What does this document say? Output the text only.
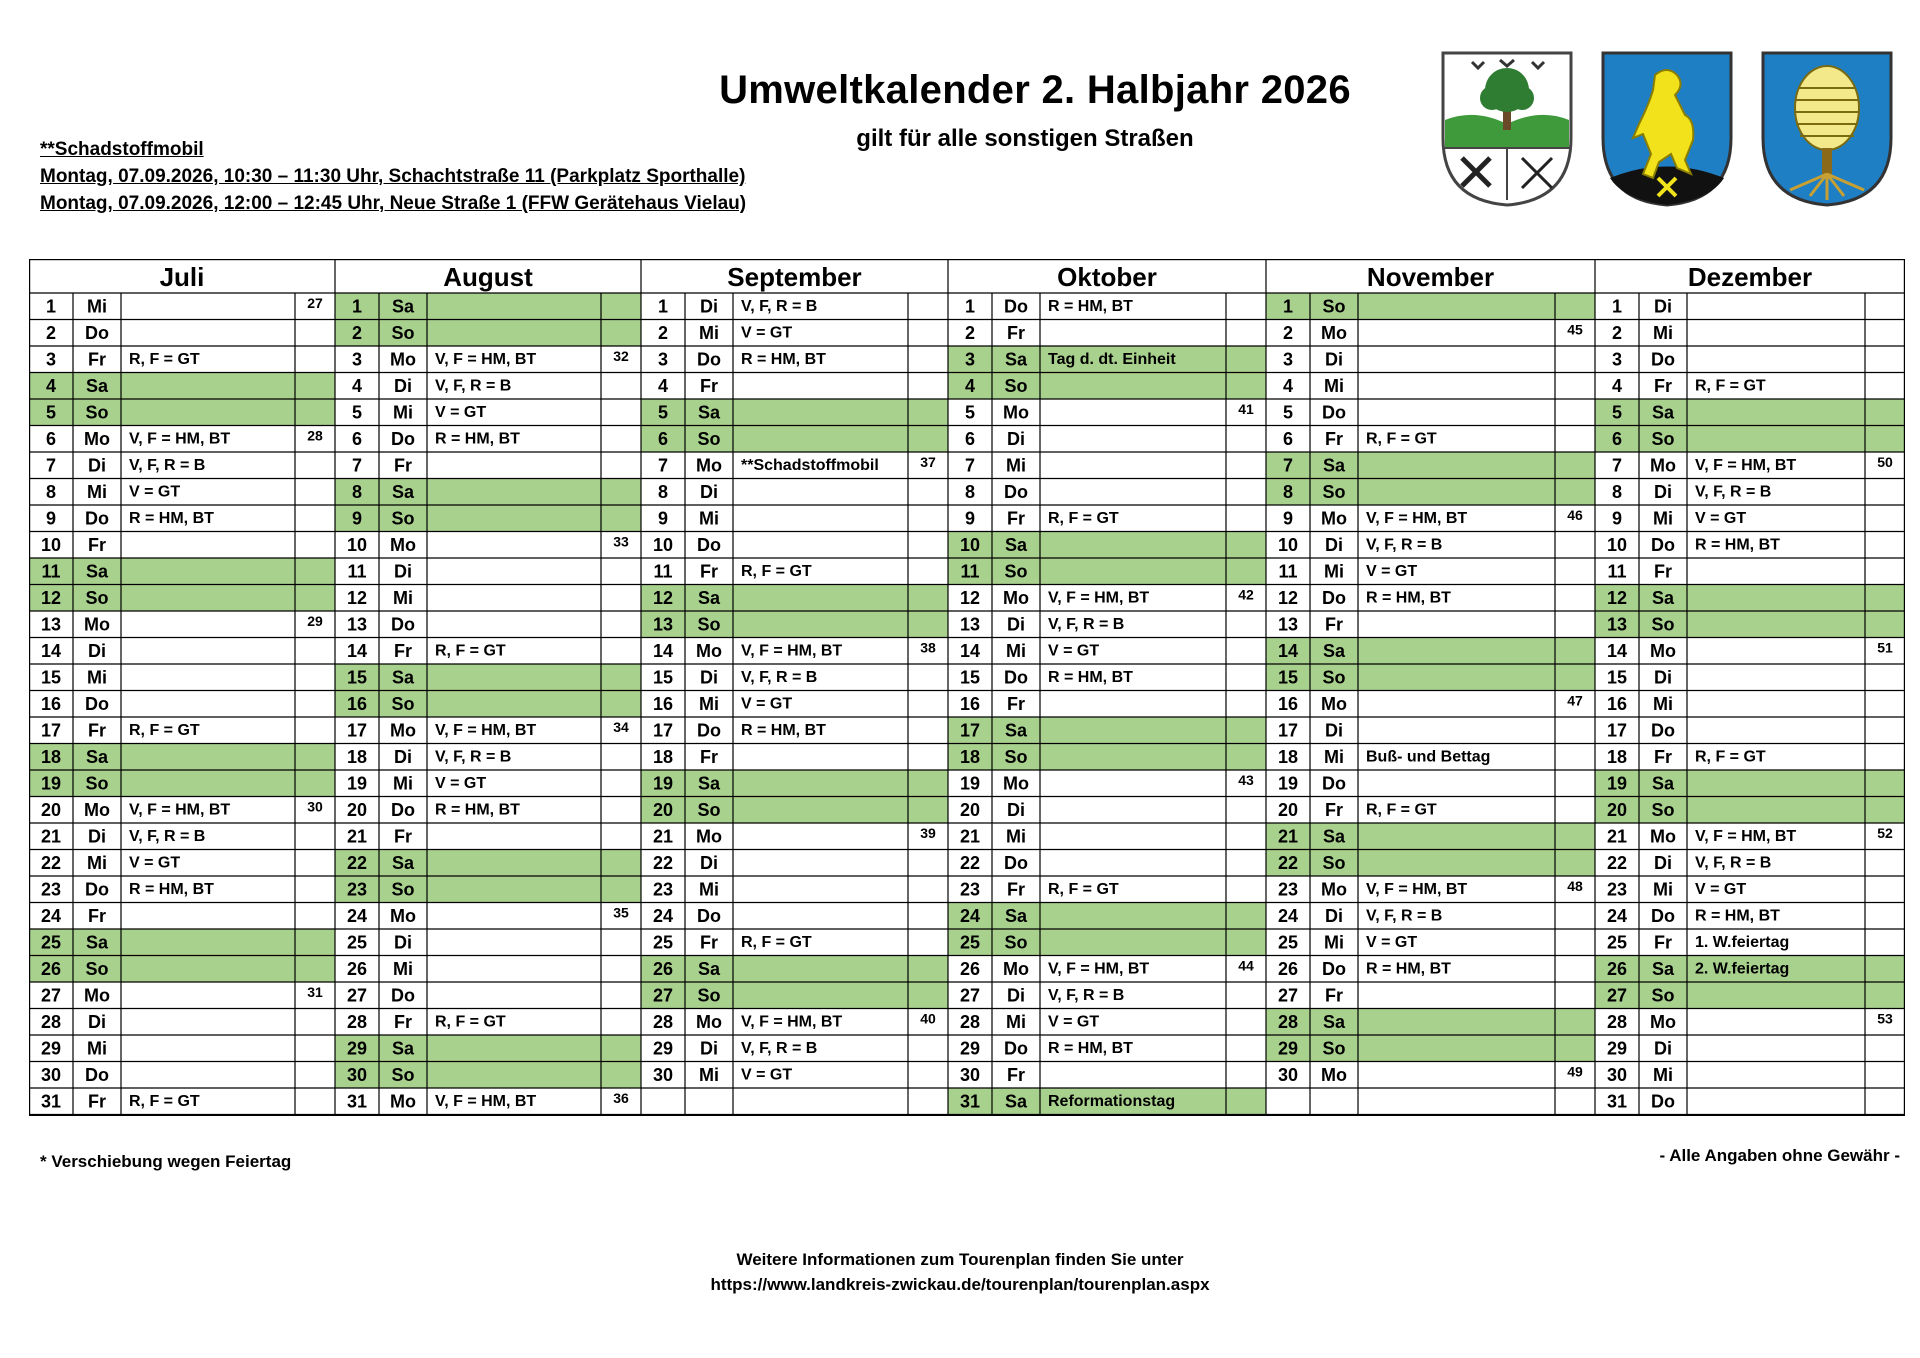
Umweltkalender 2. Halbjahr 2026
gilt für alle sonstigen Straßen
**Schadstoffmobil
Montag, 07.09.2026, 10:30 – 11:30 Uhr, Schachtstraße 11 (Parkplatz Sporthalle)
Montag, 07.09.2026, 12:00 – 12:45 Uhr, Neue Straße 1 (FFW Gerätehaus Vielau)
Juli
1 Mi	27
2 Do
3 Fr R, F = GT
4 Sa
5 So
6 Mo V, F = HM, BT	28
7 Di V, F, R = B
8 Mi V = GT
9 Do R = HM, BT
10 Fr
11 Sa
12 So
13 Mo	29
14 Di
15 Mi
16 Do
17 Fr R, F = GT
18 Sa
19 So
20 Mo V, F = HM, BT	30
21 Di V, F, R = B
22 Mi V = GT
23 Do R = HM, BT
24 Fr
25 Sa
26 So
27 Mo	31
28 Di
29 Mi
30 Do
31 Fr R, F = GT
August
1 Sa
2 So
3 Mo V, F = HM, BT	32
4 Di V, F, R = B
5 Mi V = GT
6 Do R = HM, BT
7 Fr
8 Sa
9 So
10 Mo	33
11 Di
12 Mi
13 Do
14 Fr R, F = GT
15 Sa
16 So
17 Mo V, F = HM, BT	34
18 Di V, F, R = B
19 Mi V = GT
20 Do R = HM, BT
21 Fr
22 Sa
23 So
24 Mo	35
25 Di
26 Mi
27 Do
28 Fr R, F = GT
29 Sa
30 So
31 Mo V, F = HM, BT	36
September
1 Di V, F, R = B
2 Mi V = GT
3 Do R = HM, BT
4 Fr
5 Sa
6 So
7 Mo **Schadstoffmobil	37
8 Di
9 Mi
10 Do
11 Fr R, F = GT
12 Sa
13 So
14 Mo V, F = HM, BT	38
15 Di V, F, R = B
16 Mi V = GT
17 Do R = HM, BT
18 Fr
19 Sa
20 So
21 Mo	39
22 Di
23 Mi
24 Do
25 Fr R, F = GT
26 Sa
27 So
28 Mo V, F = HM, BT	40
29 Di V, F, R = B
30 Mi V = GT
Oktober
1 Do R = HM, BT
2 Fr
3 Sa Tag d. dt. Einheit
4 So
5 Mo	41
6 Di
7 Mi
8 Do
9 Fr R, F = GT
10 Sa
11 So
12 Mo V, F = HM, BT	42
13 Di V, F, R = B
14 Mi V = GT
15 Do R = HM, BT
16 Fr
17 Sa
18 So
19 Mo	43
20 Di
21 Mi
22 Do
23 Fr R, F = GT
24 Sa
25 So
26 Mo V, F = HM, BT	44
27 Di V, F, R = B
28 Mi V = GT
29 Do R = HM, BT
30 Fr
31 Sa Reformationstag
November
1 So
2 Mo	45
3 Di
4 Mi
5 Do
6 Fr R, F = GT
7 Sa
8 So
9 Mo V, F = HM, BT	46
10 Di V, F, R = B
11 Mi V = GT
12 Do R = HM, BT
13 Fr
14 Sa
15 So
16 Mo	47
17 Di
18 Mi Buß- und Bettag
19 Do
20 Fr R, F = GT
21 Sa
22 So
23 Mo V, F = HM, BT	48
24 Di V, F, R = B
25 Mi V = GT
26 Do R = HM, BT
27 Fr
28 Sa
29 So
30 Mo	49
Dezember
1 Di
2 Mi
3 Do
4 Fr R, F = GT
5 Sa
6 So
7 Mo V, F = HM, BT	50
8 Di V, F, R = B
9 Mi V = GT
10 Do R = HM, BT
11 Fr
12 Sa
13 So
14 Mo	51
15 Di
16 Mi
17 Do
18 Fr R, F = GT
19 Sa
20 So
21 Mo V, F = HM, BT	52
22 Di V, F, R = B
23 Mi V = GT
24 Do R = HM, BT
25 Fr 1. W.feiertag
26 Sa 2. W.feiertag
27 So
28 Mo	53
29 Di
30 Mi
31 Do
* Verschiebung wegen Feiertag	- Alle Angaben ohne Gewähr -
Weitere Informationen zum Tourenplan finden Sie unter
https://www.landkreis-zwickau.de/tourenplan/tourenplan.aspx
